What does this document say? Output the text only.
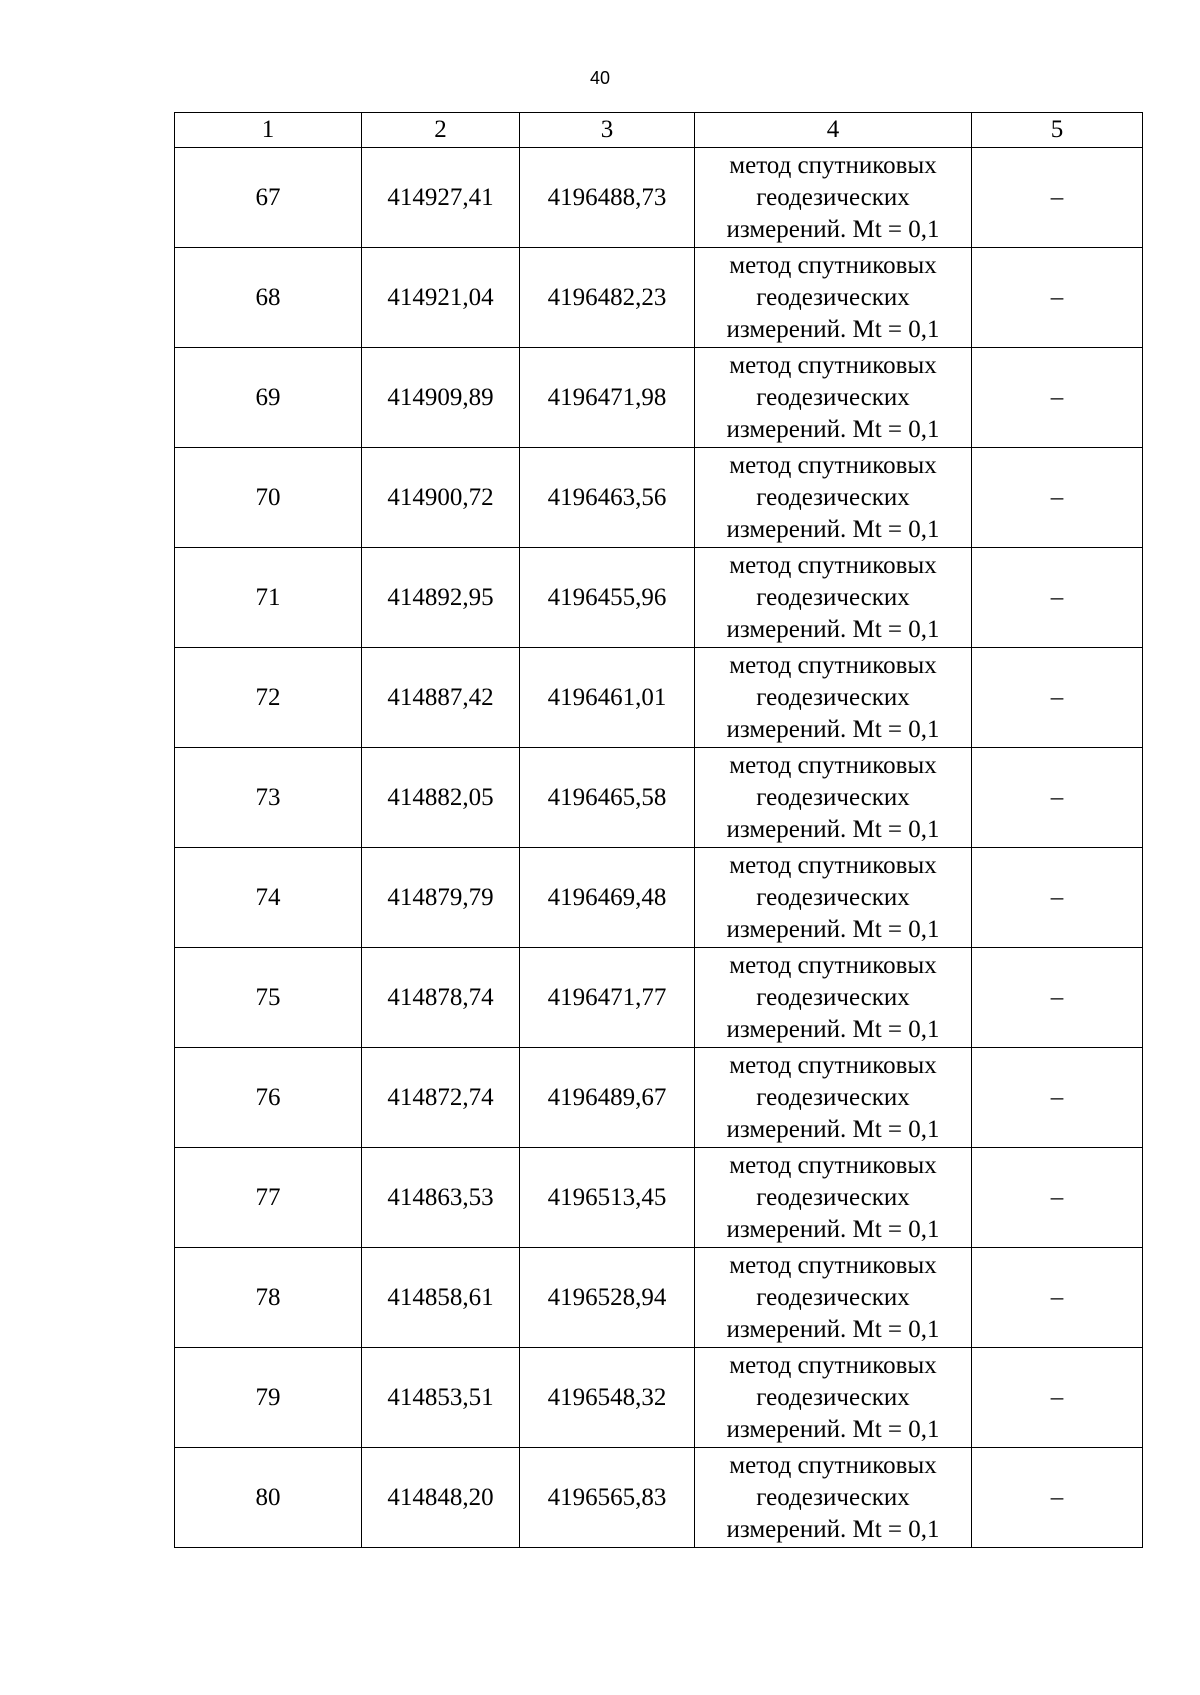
40
1	2	3	4	5
67	414927,41	4196488,73	метод спутниковых
геодезических
измерений. Mt = 0,1	–
68	414921,04	4196482,23	метод спутниковых
геодезических
измерений. Mt = 0,1	–
69	414909,89	4196471,98	метод спутниковых
геодезических
измерений. Mt = 0,1	–
70	414900,72	4196463,56	метод спутниковых
геодезических
измерений. Mt = 0,1	–
71	414892,95	4196455,96	метод спутниковых
геодезических
измерений. Mt = 0,1	–
72	414887,42	4196461,01	метод спутниковых
геодезических
измерений. Mt = 0,1	–
73	414882,05	4196465,58	метод спутниковых
геодезических
измерений. Mt = 0,1	–
74	414879,79	4196469,48	метод спутниковых
геодезических
измерений. Mt = 0,1	–
75	414878,74	4196471,77	метод спутниковых
геодезических
измерений. Mt = 0,1	–
76	414872,74	4196489,67	метод спутниковых
геодезических
измерений. Mt = 0,1	–
77	414863,53	4196513,45	метод спутниковых
геодезических
измерений. Mt = 0,1	–
78	414858,61	4196528,94	метод спутниковых
геодезических
измерений. Mt = 0,1	–
79	414853,51	4196548,32	метод спутниковых
геодезических
измерений. Mt = 0,1	–
80	414848,20	4196565,83	метод спутниковых
геодезических
измерений. Mt = 0,1	–
